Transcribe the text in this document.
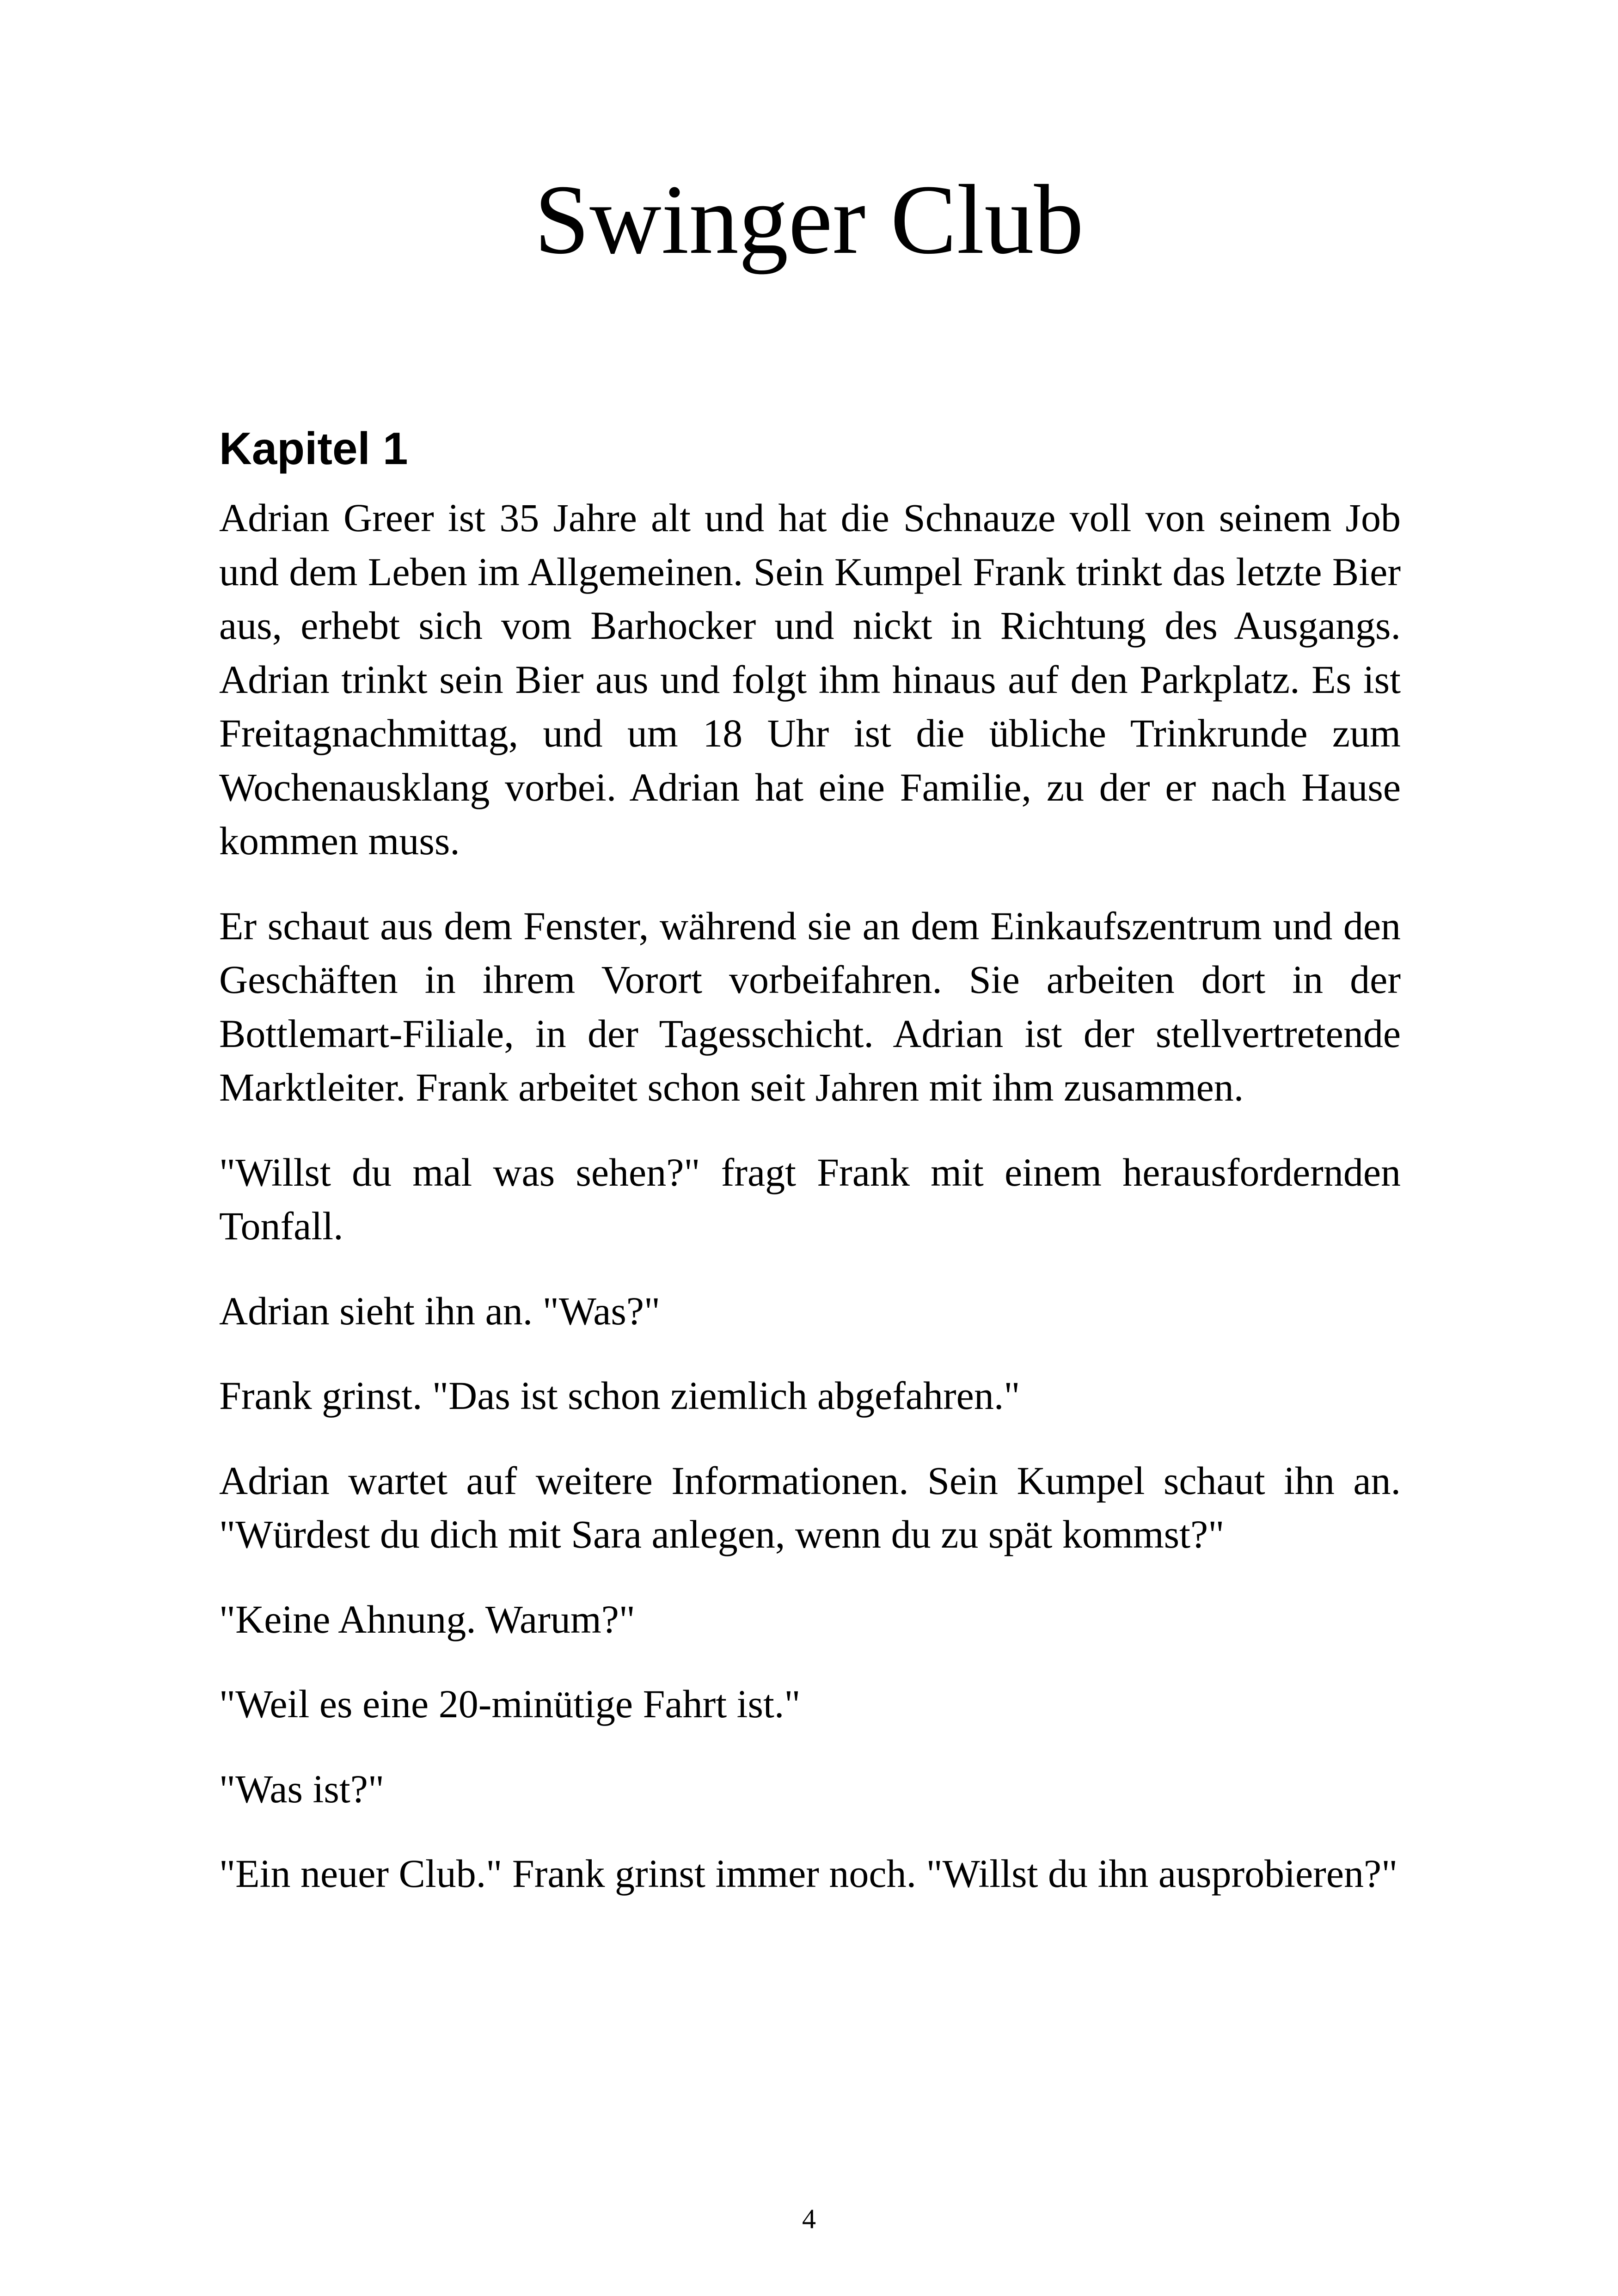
Swinger Club
Kapitel 1

Adrian Greer ist 35 Jahre alt und hat die Schnauze voll von seinem Job und dem Leben im Allgemeinen. Sein Kumpel Frank trinkt das letzte Bier aus, erhebt sich vom Barhocker und nickt in Richtung des Ausgangs. Adrian trinkt sein Bier aus und folgt ihm hinaus auf den Parkplatz. Es ist Freitagnachmittag, und um 18 Uhr ist die übliche Trinkrunde zum Wochenausklang vorbei. Adrian hat eine Familie, zu der er nach Hause kommen muss.

Er schaut aus dem Fenster, während sie an dem Einkaufszentrum und den Geschäften in ihrem Vorort vorbeifahren. Sie arbeiten dort in der Bottlemart-Filiale, in der Tagesschicht. Adrian ist der stellvertretende Marktleiter. Frank arbeitet schon seit Jahren mit ihm zusammen.

"Willst du mal was sehen?" fragt Frank mit einem herausfordernden Tonfall.

Adrian sieht ihn an. "Was?"

Frank grinst. "Das ist schon ziemlich abgefahren."

Adrian wartet auf weitere Informationen. Sein Kumpel schaut ihn an. "Würdest du dich mit Sara anlegen, wenn du zu spät kommst?"

"Keine Ahnung. Warum?"

"Weil es eine 20-minütige Fahrt ist."

"Was ist?"

"Ein neuer Club." Frank grinst immer noch. "Willst du ihn ausprobieren?"

4
